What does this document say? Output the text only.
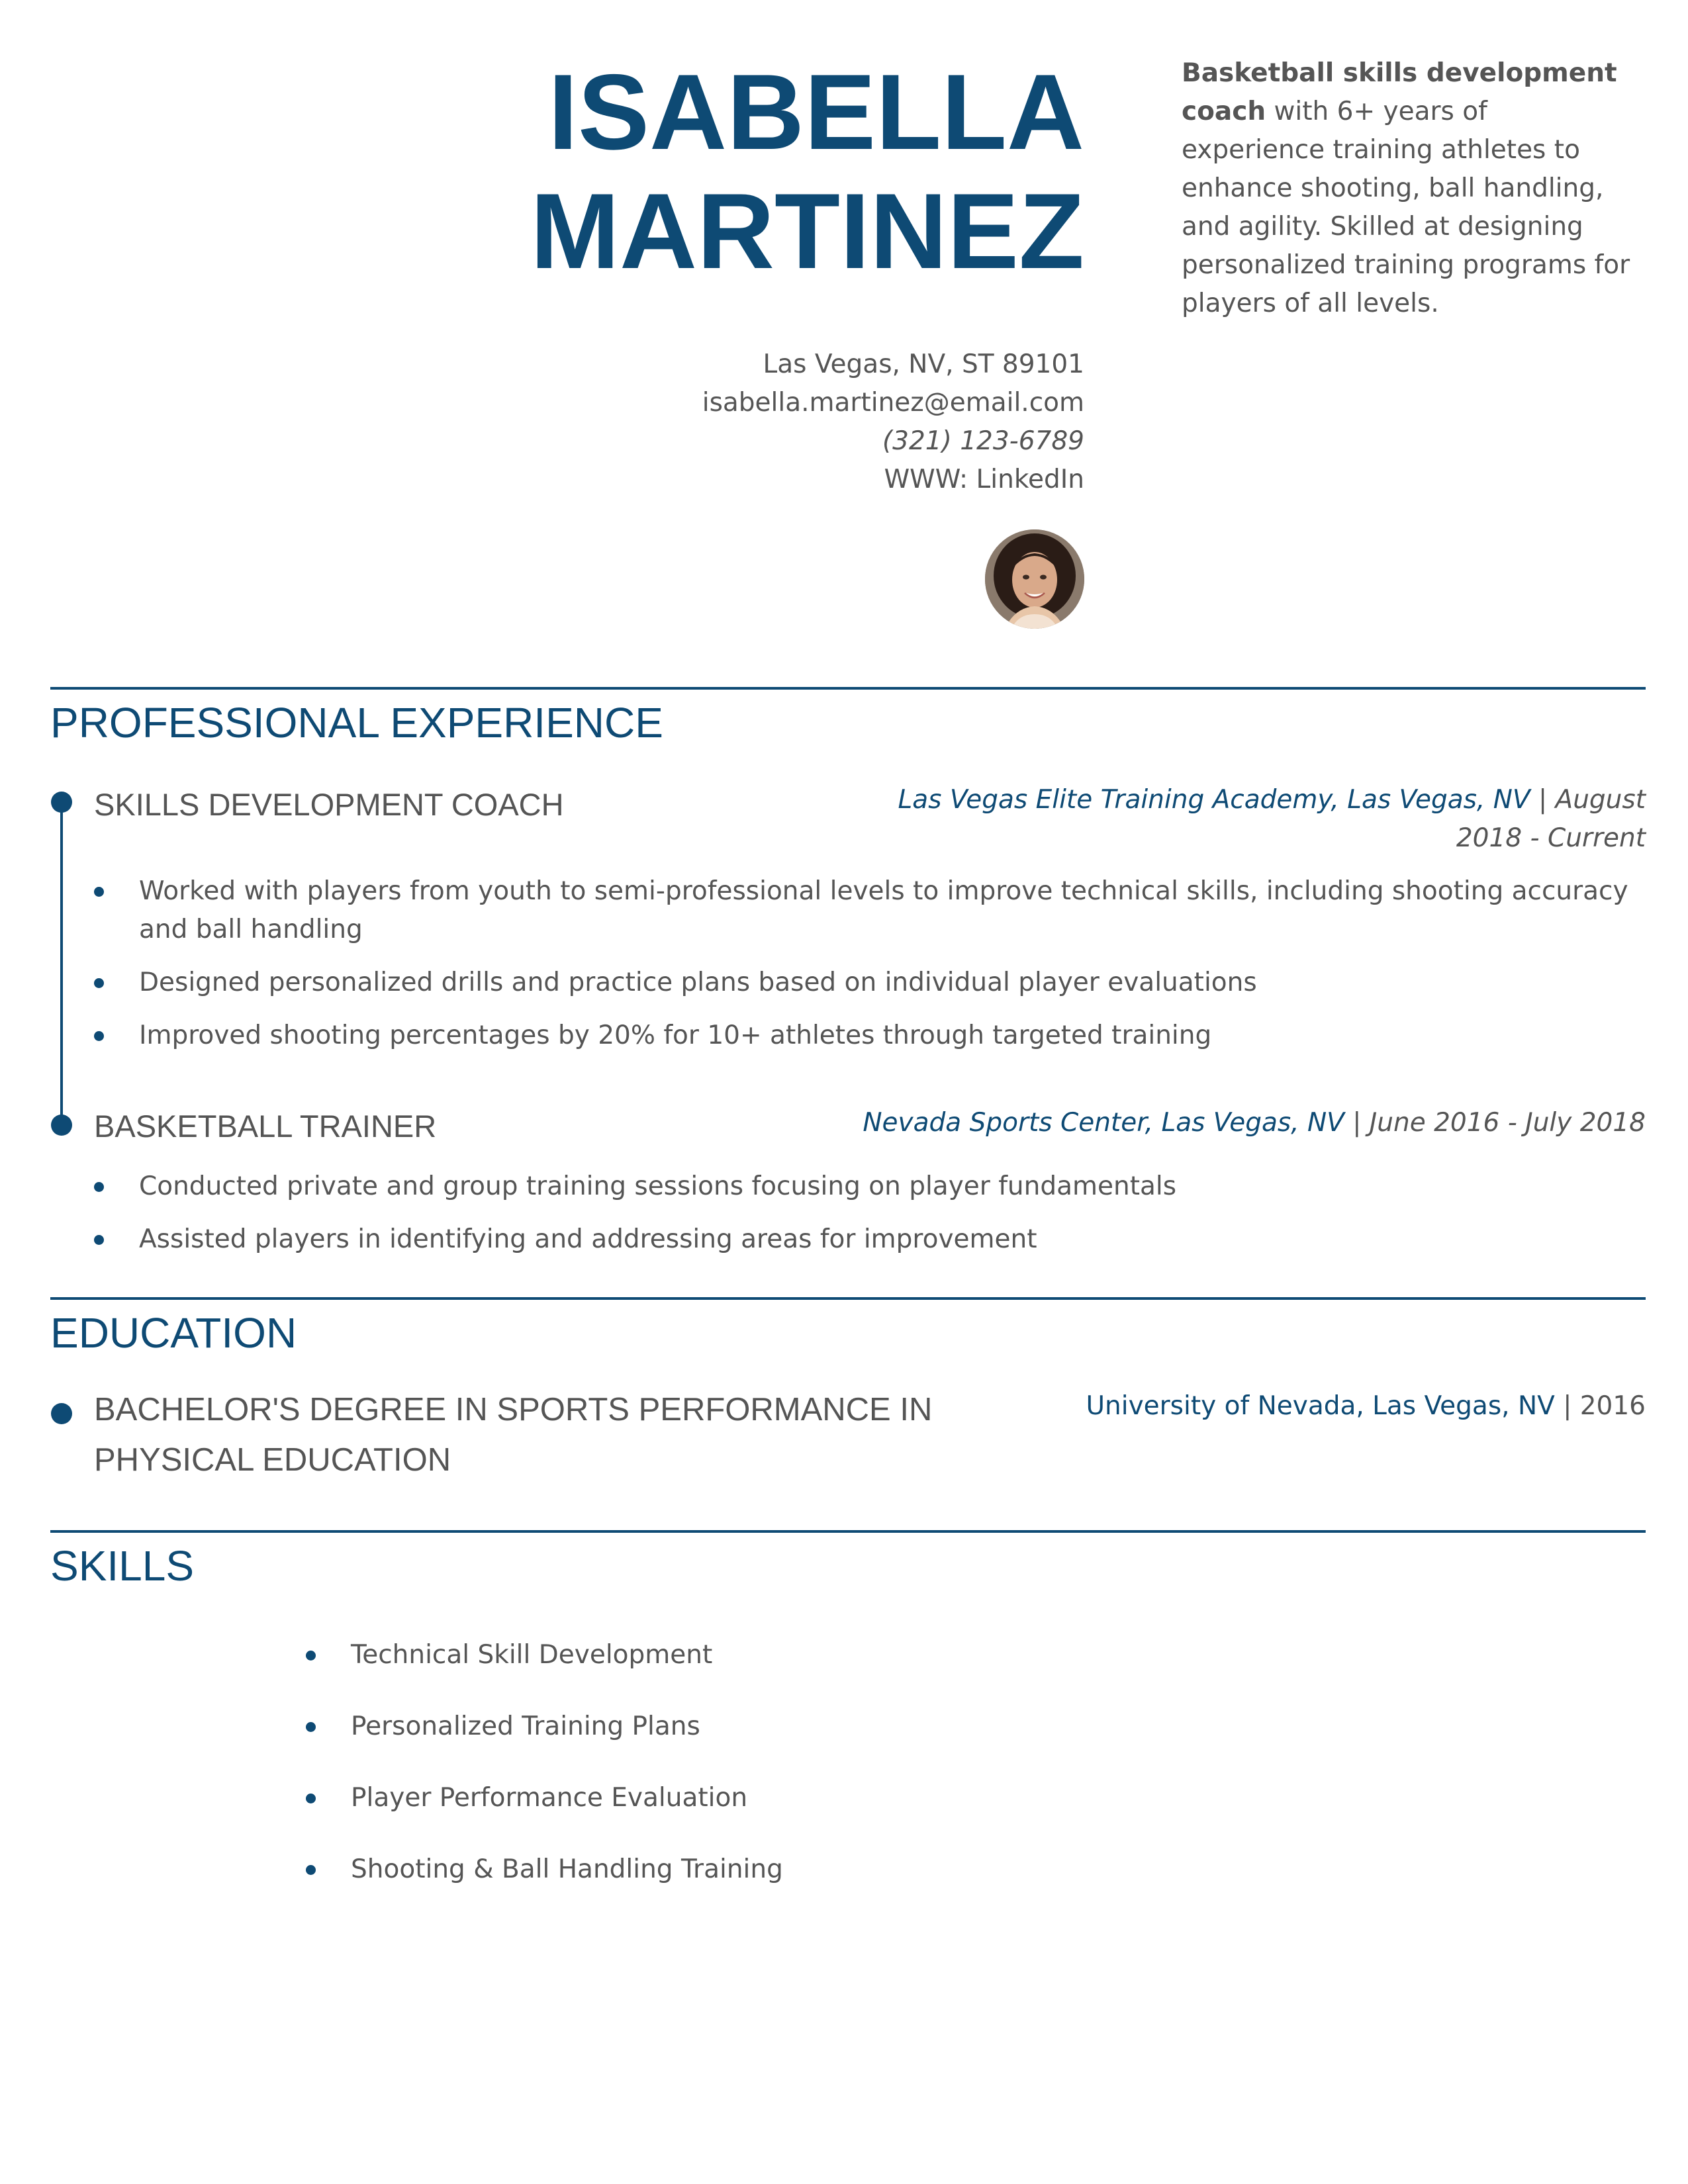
ISABELLA
MARTINEZ
Basketball skills development coach with 6+ years of experience training athletes to enhance shooting, ball handling, and agility. Skilled at designing personalized training programs for players of all levels.
Las Vegas, NV, ST 89101
isabella.martinez@email.com
(321) 123-6789
WWW: LinkedIn
PROFESSIONAL EXPERIENCE
SKILLS DEVELOPMENT COACH	Las Vegas Elite Training Academy, Las Vegas, NV | August 2018 - Current
Worked with players from youth to semi-professional levels to improve technical skills, including shooting accuracy and ball handling
Designed personalized drills and practice plans based on individual player evaluations
Improved shooting percentages by 20% for 10+ athletes through targeted training
BASKETBALL TRAINER	Nevada Sports Center, Las Vegas, NV | June 2016 - July 2018
Conducted private and group training sessions focusing on player fundamentals
Assisted players in identifying and addressing areas for improvement
EDUCATION
BACHELOR'S DEGREE IN SPORTS PERFORMANCE IN PHYSICAL EDUCATION
University of Nevada, Las Vegas, NV | 2016
SKILLS
Technical Skill Development
Personalized Training Plans
Player Performance Evaluation
Shooting & Ball Handling Training
